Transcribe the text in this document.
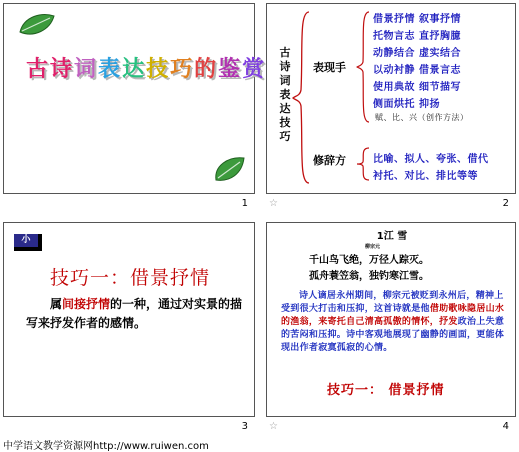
古诗词表达技巧的鉴赏
1
古
诗
词
表
达
技
巧
表现手
修辞方
借景抒情 叙事抒情
托物言志 直抒胸臆
动静结合 虚实结合
以动衬静 借景言志
使用典故 细节描写
侧面烘托 抑扬
赋、比、兴（创作方法）
比喻、拟人、夸张、借代
衬托、对比、排比等等
☆	2
小
技巧一：借景抒情
属间接抒情的一种，通过对实景的描写来抒发作者的感情。
3
1江 雪
柳宗元
千山鸟飞绝，万径人踪灭。
孤舟蓑笠翁，独钓寒江雪。
诗人谪居永州期间，柳宗元被贬到永州后，精神上受到很大打击和压抑，这首诗就是他借助歌咏隐居山水的渔翁，来寄托自己清高孤傲的情怀，抒发政治上失意的苦闷和压抑。诗中客观地展现了幽静的画面，更能体现出作者寂寞孤寂的心情。
技巧一： 借景抒情
☆	4
中学语文教学资源网http://www.ruiwen.com
